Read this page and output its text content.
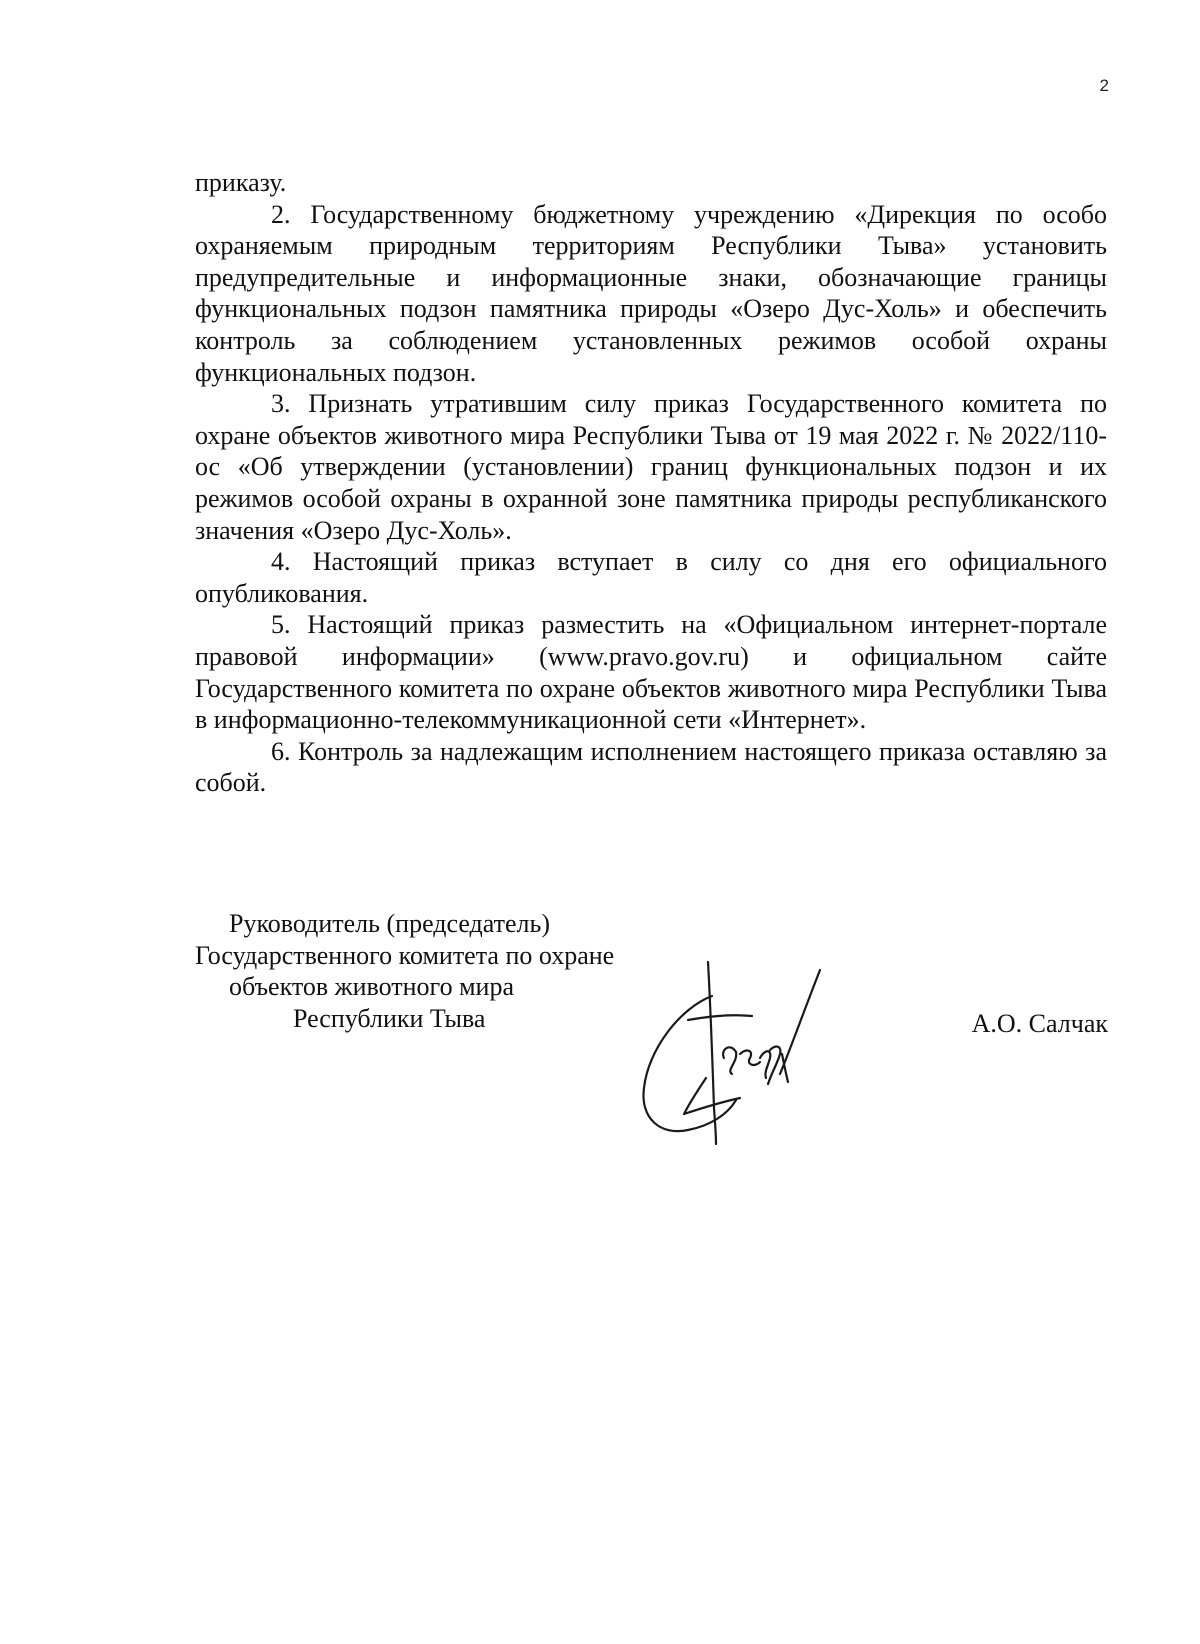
2

приказу.

2. Государственному бюджетному учреждению «Дирекция по особо охраняемым природным территориям Республики Тыва» установить предупредительные и информационные знаки, обозначающие границы функциональных подзон памятника природы «Озеро Дус-Холь» и обеспечить контроль за соблюдением установленных режимов особой охраны функциональных подзон.

3. Признать утратившим силу приказ Государственного комитета по охране объектов животного мира Республики Тыва от 19 мая 2022 г. № 2022/110-ос «Об утверждении (установлении) границ функциональных подзон и их режимов особой охраны в охранной зоне памятника природы республиканского значения «Озеро Дус-Холь».

4. Настоящий приказ вступает в силу со дня его официального опубликования.

5. Настоящий приказ разместить на «Официальном интернет-портале правовой информации» (www.pravo.gov.ru) и официальном сайте Государственного комитета по охране объектов животного мира Республики Тыва в информационно-телекоммуникационной сети «Интернет».

6. Контроль за надлежащим исполнением настоящего приказа оставляю за собой.

Руководитель (председатель)
Государственного комитета по охране
объектов животного мира
Республики Тыва	А.О. Салчак
